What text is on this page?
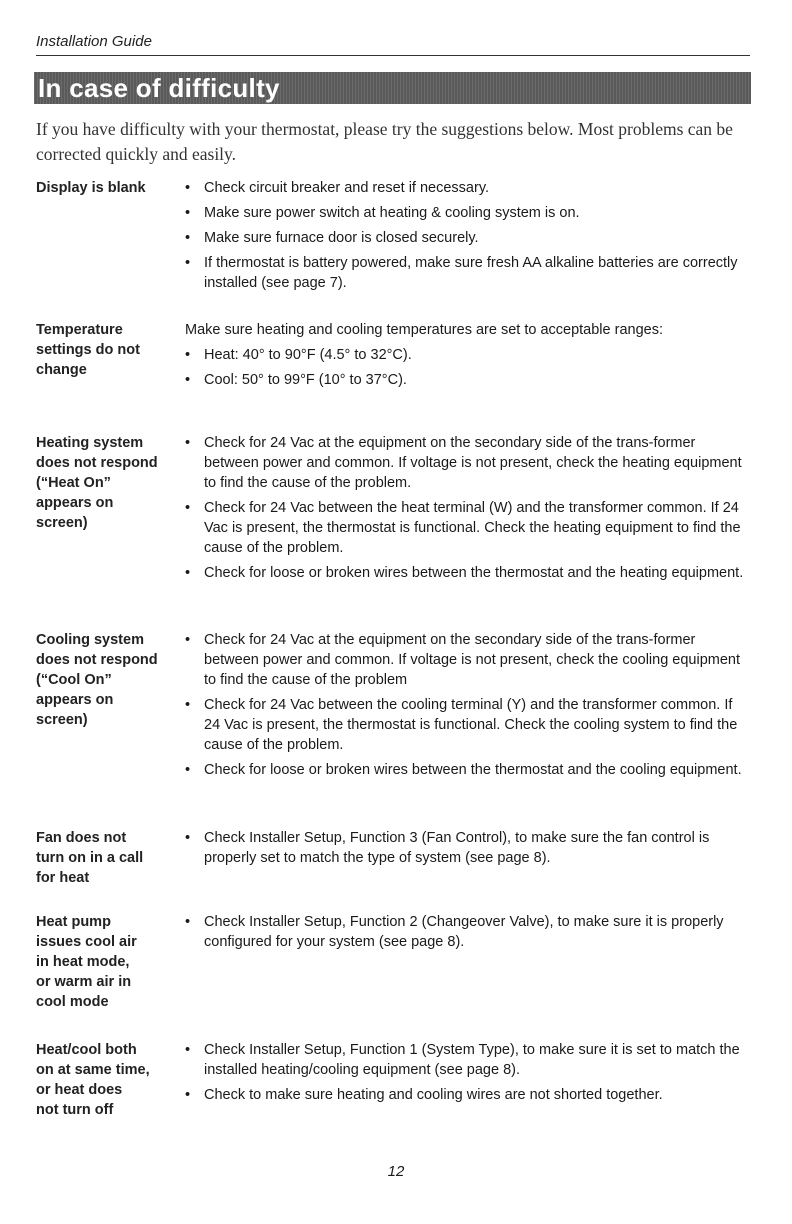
Installation Guide
In case of difficulty
If you have difficulty with your thermostat, please try the suggestions below. Most problems can be corrected quickly and easily.
Display is blank	• Check circuit breaker and reset if necessary.
• Make sure power switch at heating & cooling system is on.
• Make sure furnace door is closed securely.
• If thermostat is battery powered, make sure fresh AA alkaline batteries are correctly installed (see page 7).
Temperature
settings do not
change

Make sure heating and cooling temperatures are set to acceptable ranges:

• Heat: 40° to 90°F (4.5° to 32°C).
• Cool: 50° to 99°F (10° to 37°C).
Heating system
does not respond
(“Heat On”
appears on
screen)
• Check for 24 Vac at the equipment on the secondary side of the trans-former between power and common. If voltage is not present, check the heating equipment to find the cause of the problem.
• Check for 24 Vac between the heat terminal (W) and the transformer common. If 24 Vac is present, the thermostat is functional. Check the heating equipment to find the cause of the problem.
• Check for loose or broken wires between the thermostat and the heating equipment.
Cooling system
does not respond
(“Cool On”
appears on
screen)
• Check for 24 Vac at the equipment on the secondary side of the trans-former between power and common. If voltage is not present, check the cooling equipment to find the cause of the problem
• Check for 24 Vac between the cooling terminal (Y) and the transformer common. If 24 Vac is present, the thermostat is functional. Check the cooling system to find the cause of the problem.
• Check for loose or broken wires between the thermostat and the cooling equipment.
Fan does not
turn on in a call
for heat
• Check Installer Setup, Function 3 (Fan Control), to make sure the fan control is properly set to match the type of system (see page 8).
Heat pump
issues cool air
in heat mode,
or warm air in
cool mode
• Check Installer Setup, Function 2 (Changeover Valve), to make sure it is properly configured for your system (see page 8).
Heat/cool both
on at same time,
or heat does
not turn off
• Check Installer Setup, Function 1 (System Type), to make sure it is set to match the installed heating/cooling equipment (see page 8).
• Check to make sure heating and cooling wires are not shorted together.
12
